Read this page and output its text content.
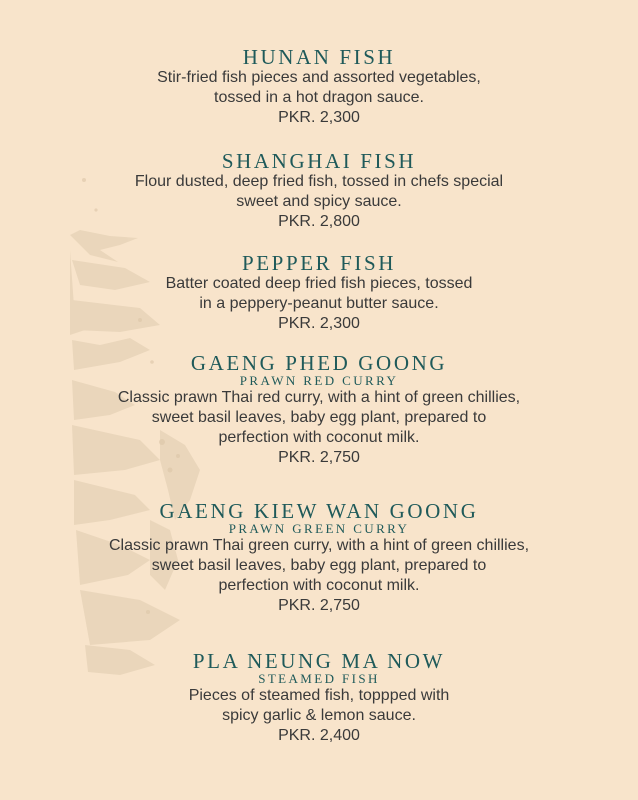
HUNAN FISH

Stir-fried fish pieces and assorted vegetables,

tossed in a hot dragon sauce.

PKR. 2,300

SHANGHAI FISH

Flour dusted, deep fried fish, tossed in chefs special

sweet and spicy sauce.

PKR. 2,800

PEPPER FISH

Batter coated deep fried fish pieces, tossed

in a peppery-peanut butter sauce.

PKR. 2,300

GAENG PHED GOONG

PRAWN RED CURRY

Classic prawn Thai red curry, with a hint of green chillies,

sweet basil leaves, baby egg plant, prepared to

perfection with coconut milk.

PKR. 2,750

GAENG KIEW WAN GOONG

PRAWN GREEN CURRY

Classic prawn Thai green curry, with a hint of green chillies,

sweet basil leaves, baby egg plant, prepared to

perfection with coconut milk.

PKR. 2,750

PLA NEUNG MA NOW

STEAMED FISH

Pieces of steamed fish, toppped with

spicy garlic & lemon sauce.

PKR. 2,400
